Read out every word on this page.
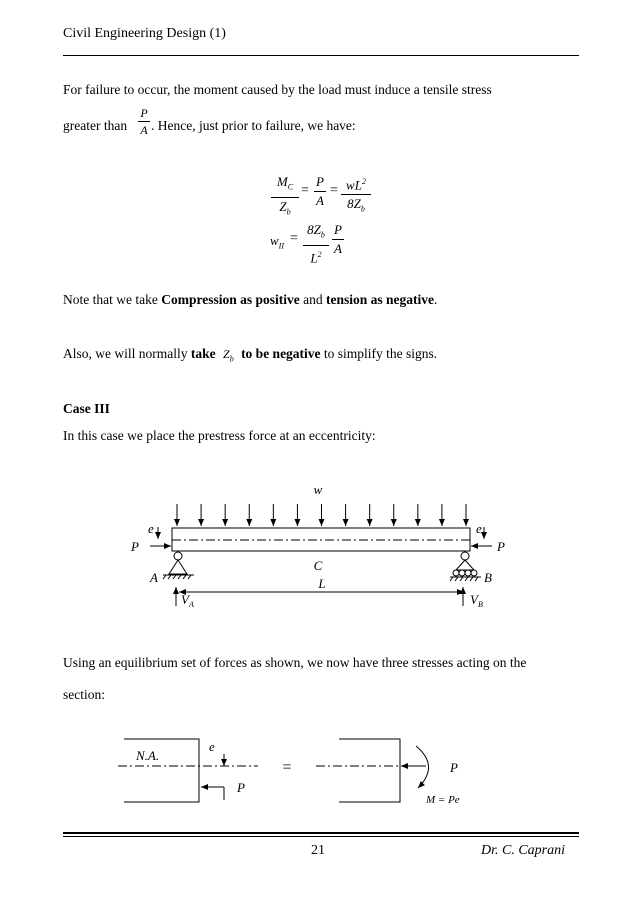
Civil Engineering Design (1)
For failure to occur, the moment caused by the load must induce a tensile stress
greater than
P
A . Hence, just prior to failure, we have:
$M_C$
$Z_b$
=
P
A
= $wL^2$
$8Z_b$
$w_{II}$
=
$8Z_b$
$L^2$
P
A
Note that we take Compression as positive and tension as negative.
Also, we will normally take $Z_b$ to be negative to simplify the signs.
Case III
In this case we place the prestress force at an eccentricity:
w
P	P
e	e
A	B
C
L
$V_A$	$V_B$
Using an equilibrium set of forces as shown, we now have three stresses acting on the
section:
N.A.
e
P
=	P
M = Pe
21	Dr. C. Caprani
